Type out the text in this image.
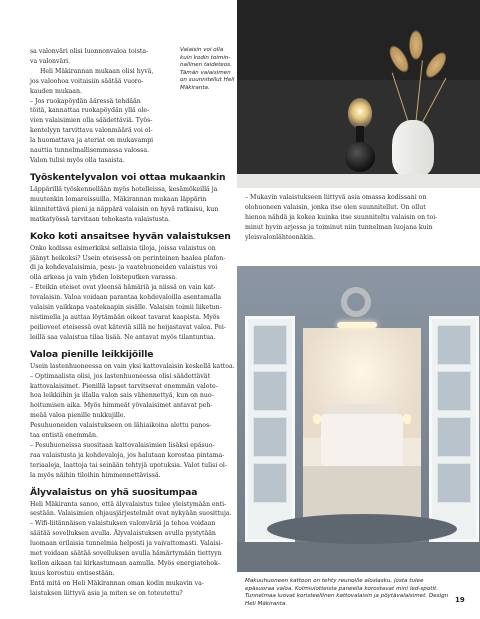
sa valonväri olisi luonnonvaloa toista-

va valonväri.

Heli Mäkirannan mukaan olisi hyvä,

jos valoohoa voitaisiin säätää vuoro-

kauden mukaan.

– Jos ruokapöydän ääressä tehdään

töitä, kannattaa ruokapöydän yllä ole-

vien valaisimien olla säädettäviä. Työs-

kentelyyn tarvittava valonmäärä voi ol-

la huomattava ja ateriat on mukavampi

nauttia tunnelmallisemmassa valossa.

Valon tulisi myös olla tasaista.

Valaisin voi olla kuin kodin toimin-nallinen taideteos. Tämän valaisimen on suunnitellut Heli Mäkiranta.
Työskentelyvalon voi ottaa mukaankin

Läppärillä työskennellään myös hotelleissa, kesämökeillä ja

muutenkin lomareissuilla. Mäkirannan mukaan läppärin

kiinnitettävä pieni ja näppärä valaisin on hyvä ratkaisu, kun

matkatyössä tarvitaan tehokasta valaistusta.

Koko koti ansaitsee hyvän valaistuksen

Onko kodissa esimerkiksi sellaisia tiloja, joissa valaistus on

jäänyt heikoksi? Usein eteisessä on perinteinen haalea plafon-

di ja kohdevalaisimia, pesu- ja vaatehuoneiden valaistus voi

olla arkeaa ja vain yhden loisteputken varassa.

– Eteikin eteiset ovat yleensä hämäriä ja niissä on vain kat-

tovalaisin. Valoa voidaan parantaa kohdevaloilla asentamalla

valaisin vaikkapa vaatekaapin sisälle. Valaisin toimii liiketun-

nistimella ja auttaa löytämään oikeat tavarat kaapista. Myös

peilioveet eteisessä ovat käteviä sillä ne heijastavat valoa. Pei-

leillä saa valaistua tilaa lisää. Ne antavat myös tilantuntua.

Valoa pienille leikkijöille

Usein lastenhuoneessa on vain yksi kattovalaisin keskellä kattoa.

– Optimaalista olisi, jos lastenhuoneessa olisi säädettävät

kattovalaisimet. Pienillä lapset tarvitsevat enemmän valote-

hoa leikkiihin ja illalla valon sais vähennettyä, kun on nuo-

hoitumisen aika. Myös himmeät yövalaisimet antavat peh-

meää valoa pienille nukkujille.

Pesuhuoneiden valaistukseen on lähiaikoina alettu panos-

taa entistä enemmän.

– Pesuhuoneissa suositaan kattovalaisimien lisäksi epäsuo-

raa valaistusta ja kohdevaloja, jos halutaan korostaa pintama-

teriaaleja, laattoja tai seinään tehtyjä upotuksia. Valot tulisi ol-

la myös näihin tiloihin himmennettävissä.

Älyvalaistus on yhä suositumpaa

Heli Mäkiranta sanoo, että älyvalaistus tulee yleistymään enti-

sestään. Valaisimien ohjausjärjestelmät ovat nykyään suosittuja.

– Wifi-liitännäisen valaistuksen valonväriä ja tehoa voidaan

säätää sovelluksen avulla. Älyvalaistuksen avulla pystytään

luomaan erilaisia tunnelmia helposti ja vaivattomasti. Valaisi-

met voidaan säätää sovelluksen avulla hämärtymään tiettyyn

kellon aikaan tai kirkastumaan aamulla. Myös energiatehok-

kuus korostuu entisestään.

Entä mitä on Heli Mäkirannan oman kodin mukavin va-

laistuksen liittyvä asia ja miten se on toteutettu?

– Mukavin valaistukseen liittyvä asia omassa kodissani on

olohuoneen valaisin, jonka itse olen suunnitellut. On ollut

hienoa nähdä ja kokea kuinka itse suunniteltu valaisin on toi-

minut hyvin arjessa ja toiminut niin tunnelman luojana kuin

yleisvalonlähteenäkin.

Makuuhuoneen kattoon on tehty reunoille aloslasku, josta tulee epäsuoraa valoa. Kolmiulotteista paneelia korostavat mini led-spotit. Tunnelmaa luovat koristeellinen kattovalaisin ja pöytävalaisimet. Design Heli Mäkiranta.	19
